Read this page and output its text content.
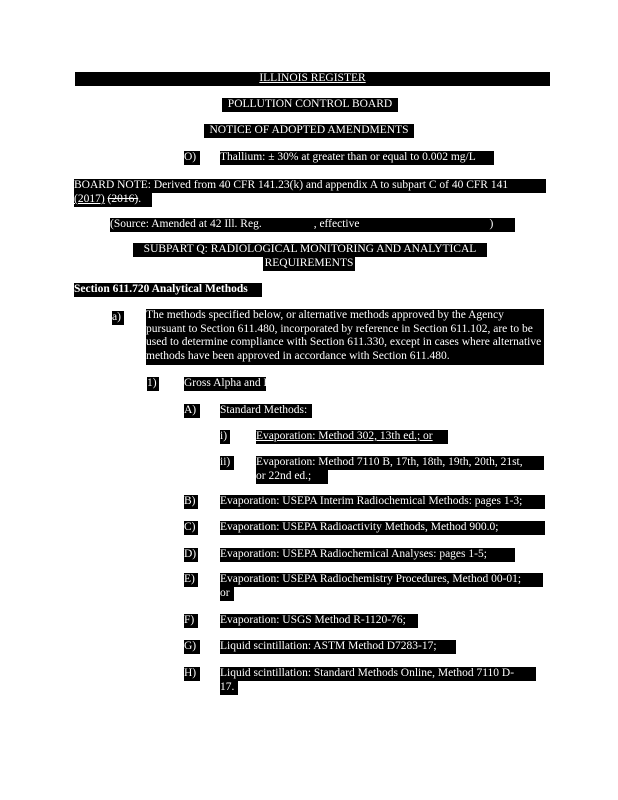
ILLINOIS REGISTER
POLLUTION CONTROL BOARD
NOTICE OF ADOPTED AMENDMENTS
O)	Thallium: ± 30% at greater than or equal to 0.002 mg/L
BOARD NOTE: Derived from 40 CFR 141.23(k) and appendix A to subpart C of 40 CFR 141
(2017) (2016).
(Source: Amended at 42 Ill. Reg.	, effective	)
SUBPART Q: RADIOLOGICAL MONITORING AND ANALYTICAL
REQUIREMENTS
Section 611.720 Analytical Methods
a) The methods specified below, or alternative methods approved by the Agency pursuant to Section 611.480, incorporated by reference in Section 611.102, are to be used to determine compliance with Section 611.330, except in cases where alternative methods have been approved in accordance with Section 611.480.
1) Gross Alpha and Beta:
A)	Standard Methods:
i)	Evaporation: Method 302, 13th ed.; or
ii)	Evaporation: Method 7110 B, 17th, 18th, 19th, 20th, 21st,
or 22nd ed.;
B) Evaporation: USEPA Interim Radiochemical Methods: pages 1-3;
C) Evaporation: USEPA Radioactivity Methods, Method 900.0;
D) Evaporation: USEPA Radiochemical Analyses: pages 1-5;
E) Evaporation: USEPA Radiochemistry Procedures, Method 00-01;
or
F)	Evaporation: USGS Method R-1120-76;
G)	Liquid scintillation: ASTM Method D7283-17;
H)	Liquid scintillation: Standard Methods Online, Method 7110 D-
17.
